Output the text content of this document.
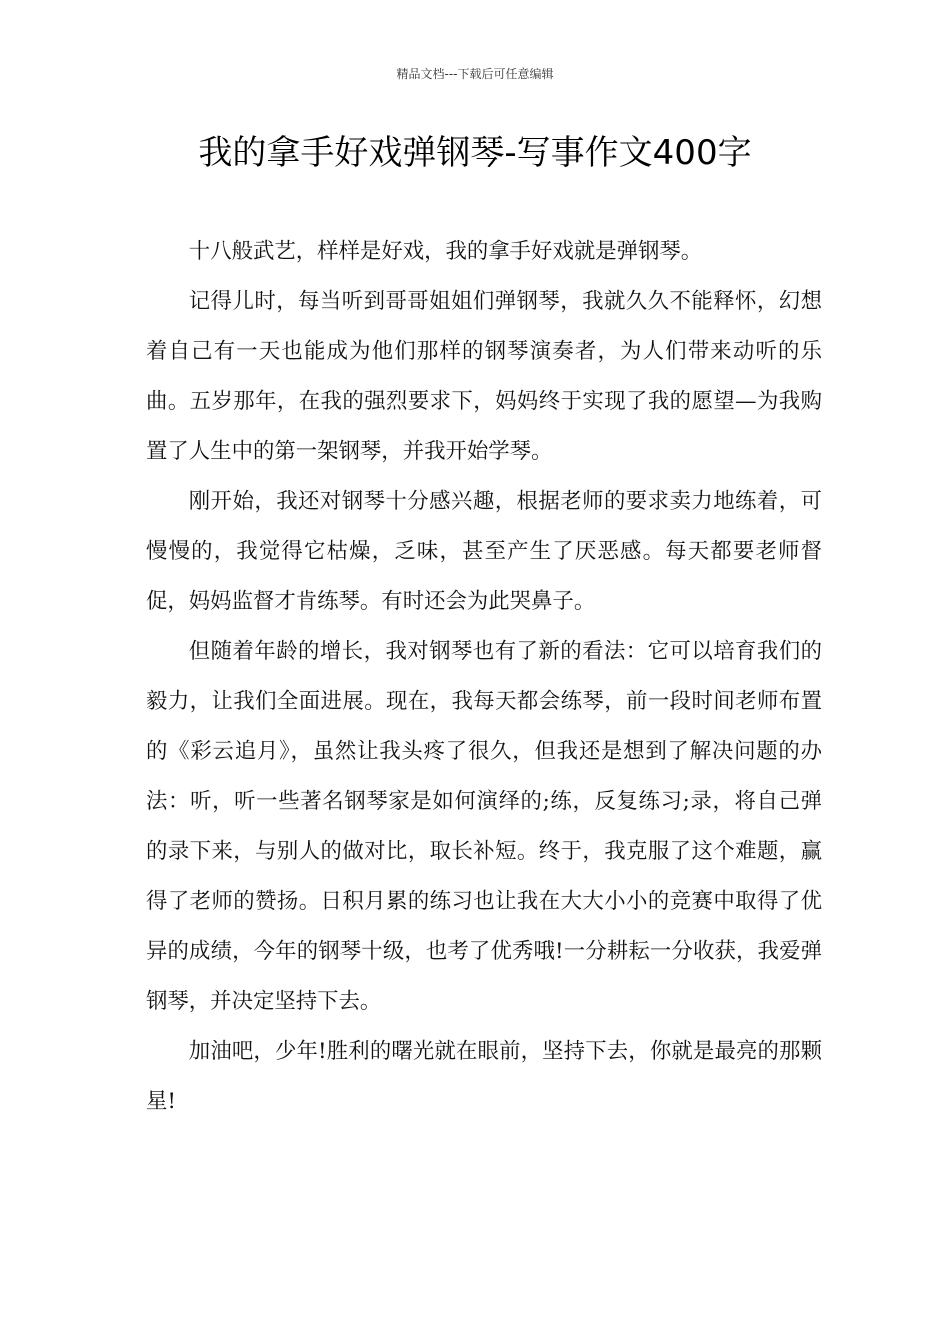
精品文档---下载后可任意编辑
我的拿手好戏弹钢琴-写事作文400字

十八般武艺，样样是好戏，我的拿手好戏就是弹钢琴。

记得儿时，每当听到哥哥姐姐们弹钢琴，我就久久不能释怀，幻想着自己有一天也能成为他们那样的钢琴演奏者，为人们带来动听的乐曲。五岁那年，在我的强烈要求下，妈妈终于实现了我的愿望—为我购置了人生中的第一架钢琴，并我开始学琴。

刚开始，我还对钢琴十分感兴趣，根据老师的要求卖力地练着，可慢慢的，我觉得它枯燥，乏味，甚至产生了厌恶感。每天都要老师督促，妈妈监督才肯练琴。有时还会为此哭鼻子。

但随着年龄的增长，我对钢琴也有了新的看法：它可以培育我们的毅力，让我们全面进展。现在，我每天都会练琴，前一段时间老师布置的《彩云追月》，虽然让我头疼了很久，但我还是想到了解决问题的办法：听，听一些著名钢琴家是如何演绎的;练，反复练习;录，将自己弹的录下来，与别人的做对比，取长补短。终于，我克服了这个难题，赢得了老师的赞扬。日积月累的练习也让我在大大小小的竞赛中取得了优异的成绩，今年的钢琴十级，也考了优秀哦!一分耕耘一分收获，我爱弹钢琴，并决定坚持下去。

加油吧，少年!胜利的曙光就在眼前，坚持下去，你就是最亮的那颗星!
